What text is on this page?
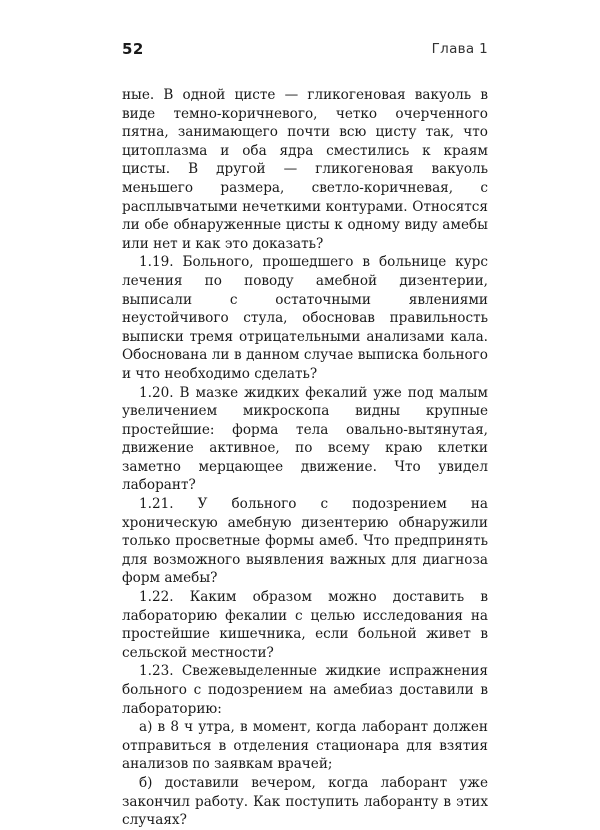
52	Глава 1

ные. В одной цисте — гликогеновая вакуоль в виде темно-коричневого, четко очерченного пятна, занимающего почти всю цисту так, что цитоплазма и оба ядра сместились к краям цисты. В другой — гликогеновая вакуоль меньшего размера, светло-коричневая, с расплывчатыми нечеткими контурами. Относятся ли обе обнаруженные цисты к одному виду амебы или нет и как это доказать?

1.19. Больного, прошедшего в больнице курс лечения по поводу амебной дизентерии, выписали с остаточными явлениями неустойчивого стула, обосновав правильность выписки тремя отрицательными анализами кала. Обоснована ли в данном случае выписка больного и что необходимо сделать?

1.20. В мазке жидких фекалий уже под малым увеличением микроскопа видны крупные простейшие: форма тела овально-вытянутая, движение активное, по всему краю клетки заметно мерцающее движение. Что увидел лаборант?

1.21. У больного с подозрением на хроническую амебную дизентерию обнаружили только просветные формы амеб. Что предпринять для возможного выявления важных для диагноза форм амебы?

1.22. Каким образом можно доставить в лабораторию фекалии с целью исследования на простейшие кишечника, если больной живет в сельской местности?

1.23. Свежевыделенные жидкие испражнения больного с подозрением на амебиаз доставили в лабораторию:

а) в 8 ч утра, в момент, когда лаборант должен отправиться в отделения стационара для взятия анализов по заявкам врачей;

б) доставили вечером, когда лаборант уже закончил работу. Как поступить лаборанту в этих случаях?
